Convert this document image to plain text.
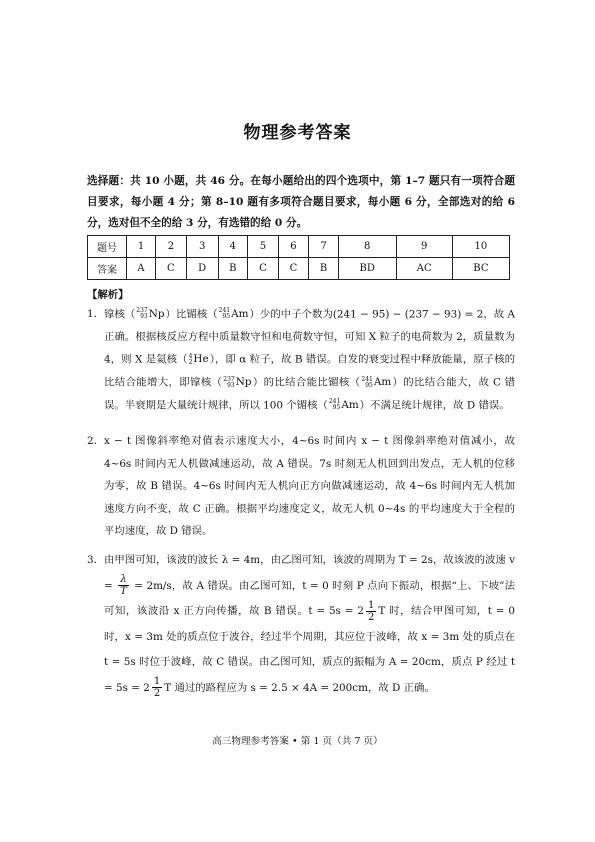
物理参考答案
选择题：共 10 小题，共 46 分。在每小题给出的四个选项中，第 1–7 题只有一项符合题目要求，每小题 4 分；第 8–10 题有多项符合题目要求，每小题 6 分，全部选对的给 6 分，选对但不全的给 3 分，有选错的给 0 分。
题号	1	2	3	4	5	6	7	8	9	10
答案	A	C	D	B	C	C	B	BD	AC	BC
【解析】
1． 镎核（ 237
93 Np）比镅核（ 241
95 Am）少的中子个数为(241 − 95) − (237 − 93) = 2，故 A 正确。根据核反应方程中质量数守恒和电荷数守恒，可知 X 粒子的电荷数为 2，质量数为 4，则 X 是氦核（ 4
2 He），即 α 粒子，故 B 错误。自发的衰变过程中释放能量，原子核的比结合能增大，即镎核（ 237
93 Np）的比结合能比镅核（ 241
95 Am）的比结合能大，故 C 错误。半衰期是大量统计规律，所以 100 个镅核（ 241
95 Am）不满足统计规律，故 D 错误。
2． x − t 图像斜率绝对值表示速度大小，4~6s 时间内 x − t 图像斜率绝对值减小，故 4~6s 时间内无人机做减速运动，故 A 错误。7s 时刻无人机回到出发点，无人机的位移为零，故 B 错误。4~6s 时间内无人机向正方向做减速运动，故 4~6s 时间内无人机加速度方向不变，故 C 正确。根据平均速度定义，故无人机 0~4s 的平均速度大于全程的平均速度，故 D 错误。
3． 由甲图可知，该波的波长 λ = 4m，由乙图可知，该波的周期为 T = 2s，故该波的波速 $v = \frac{\lambda}{T} = 2m/s$，故 A 错误。由乙图可知，t = 0 时刻 P 点向下振动，根据“上、下坡”法可知，该波沿 x 正方向传播，故 B 错误。$t = 5s = 2 \frac{1}{2}$ T 时，结合甲图可知，t = 0 时，x = 3m 处的质点位于波谷，经过半个周期，其应位于波峰，故 x = 3m 处的质点在 t = 5s 时位于波峰，故 C 错误。由乙图可知，质点的振幅为 A = 20cm，质点 P 经过 $t = 5s = 2 \frac{1}{2}$ T 通过的路程应为 s = 2.5 × 4A = 200cm，故 D 正确。
高三物理参考答案 • 第 1 页（共 7 页）
